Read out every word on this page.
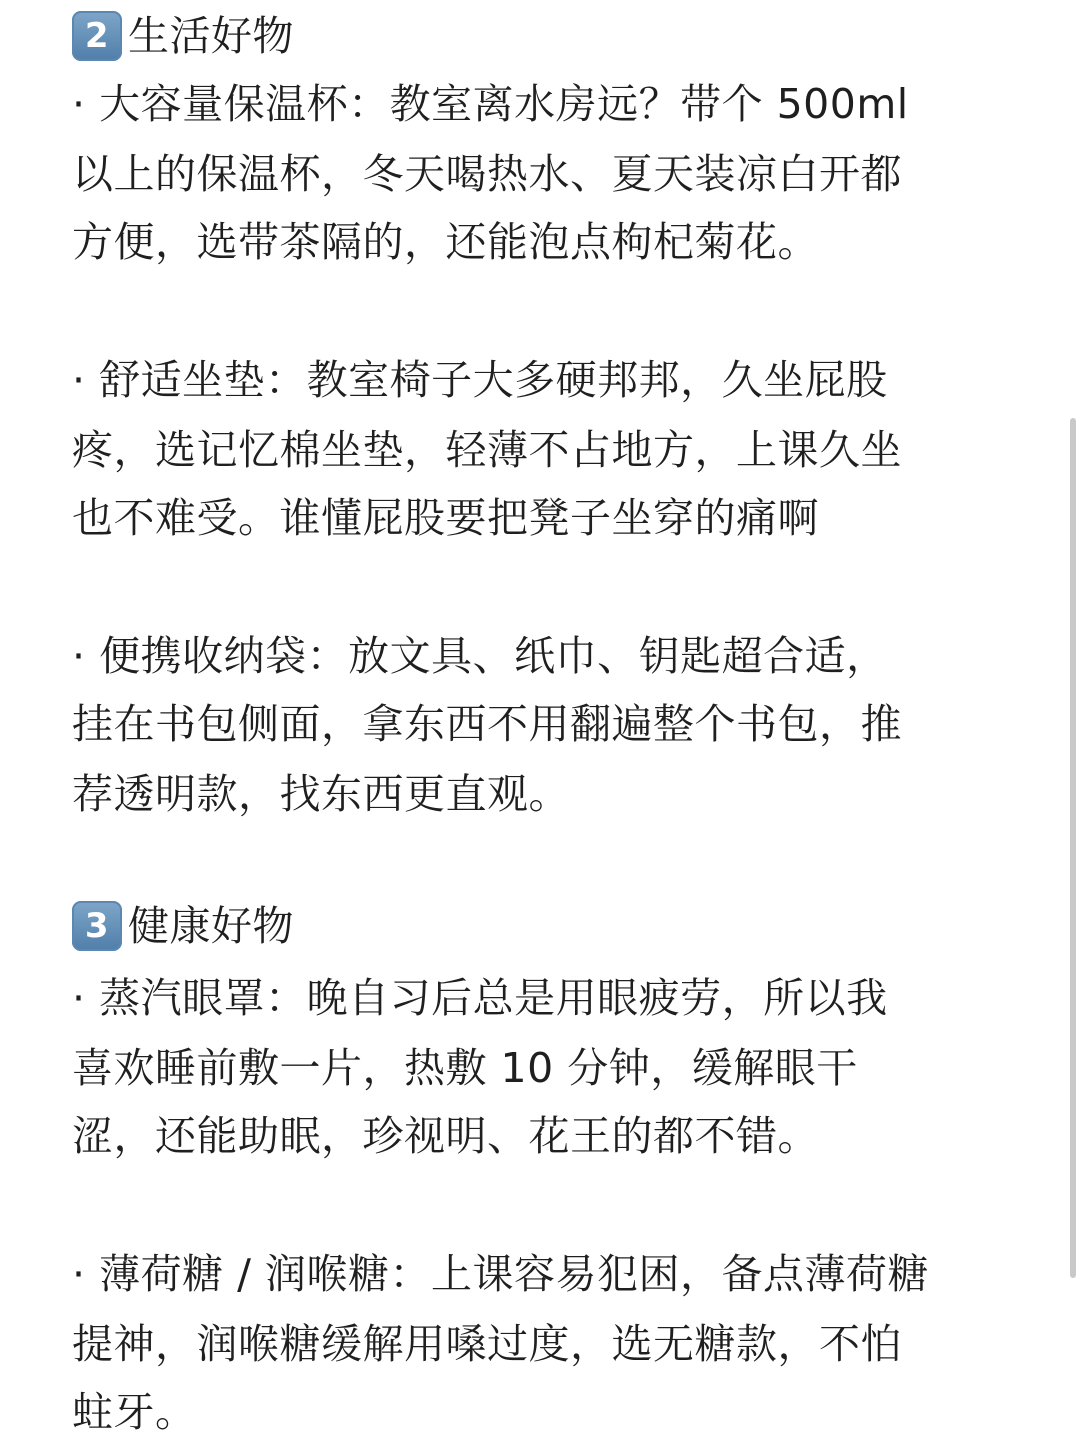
2 生活好物
· 大容量保温杯：教室离水房远？带个 500ml
以上的保温杯，冬天喝热水、夏天装凉白开都
方便，选带茶隔的，还能泡点枸杞菊花。
· 舒适坐垫：教室椅子大多硬邦邦，久坐屁股
疼，选记忆棉坐垫，轻薄不占地方，上课久坐
也不难受。谁懂屁股要把凳子坐穿的痛啊
· 便携收纳袋：放文具、纸巾、钥匙超合适，
挂在书包侧面，拿东西不用翻遍整个书包，推
荐透明款，找东西更直观。
3 健康好物
· 蒸汽眼罩：晚自习后总是用眼疲劳，所以我
喜欢睡前敷一片，热敷 10 分钟，缓解眼干
涩，还能助眠，珍视明、花王的都不错。
· 薄荷糖 / 润喉糖：上课容易犯困，备点薄荷糖
提神，润喉糖缓解用嗓过度，选无糖款，不怕
蛀牙。
